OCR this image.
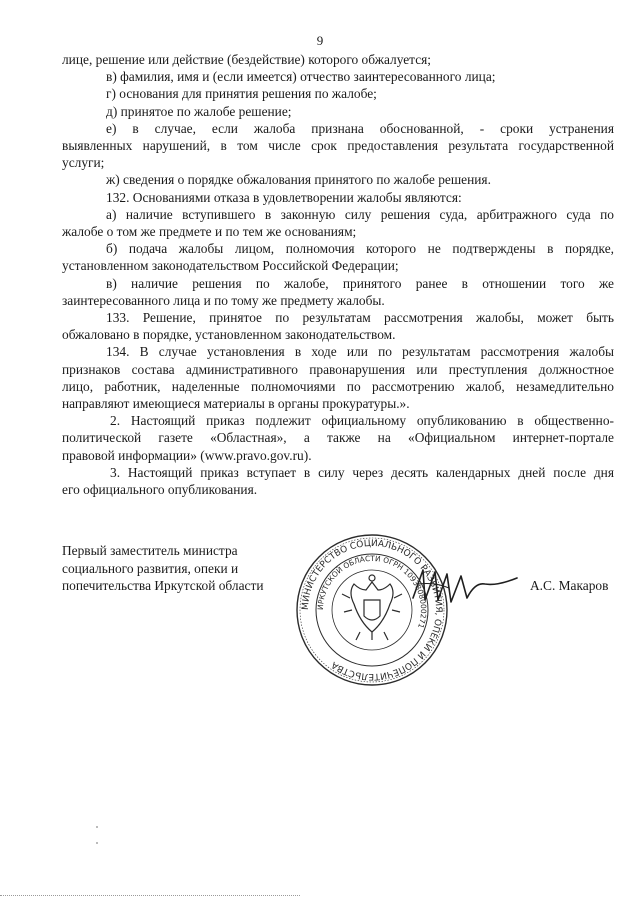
9
лице, решение или действие (бездействие) которого обжалуется;
в) фамилия, имя и (если имеется) отчество заинтересованного лица;
г) основания для принятия решения по жалобе;
д) принятое по жалобе решение;
е) в случае, если жалоба признана обоснованной, - сроки устранения
выявленных нарушений, в том числе срок предоставления результата государственной
услуги;
ж) сведения о порядке обжалования принятого по жалобе решения.
132. Основаниями отказа в удовлетворении жалобы являются:
а) наличие вступившего в законную силу решения суда, арбитражного суда по
жалобе о том же предмете и по тем же основаниям;
б) подача жалобы лицом, полномочия которого не подтверждены в порядке,
установленном законодательством Российской Федерации;
в) наличие решения по жалобе, принятого ранее в отношении того же
заинтересованного лица и по тому же предмету жалобы.
133. Решение, принятое по результатам рассмотрения жалобы, может быть
обжаловано в порядке, установленном законодательством.
134. В случае установления в ходе или по результатам рассмотрения жалобы
признаков состава административного правонарушения или преступления должностное
лицо, работник, наделенные полномочиями по рассмотрению жалоб, незамедлительно
направляют имеющиеся материалы в органы прокуратуры.».
2. Настоящий приказ подлежит официальному опубликованию в общественно-
политической газете «Областная», а также на «Официальном интернет-портале
правовой информации» (www.pravo.gov.ru).
3. Настоящий приказ вступает в силу через десять календарных дней после дня
его официального опубликования.
Первый заместитель министра
социального развития, опеки и
попечительства Иркутской области
МИНИСТЕРСТВО СОЦИАЛЬНОГО РАЗВИТИЯ, ОПЕКИ И ПОПЕЧИТЕЛЬСТВА
ИРКУТСКОЙ ОБЛАСТИ ОГРН 1093808000271
А.С. Макаров
